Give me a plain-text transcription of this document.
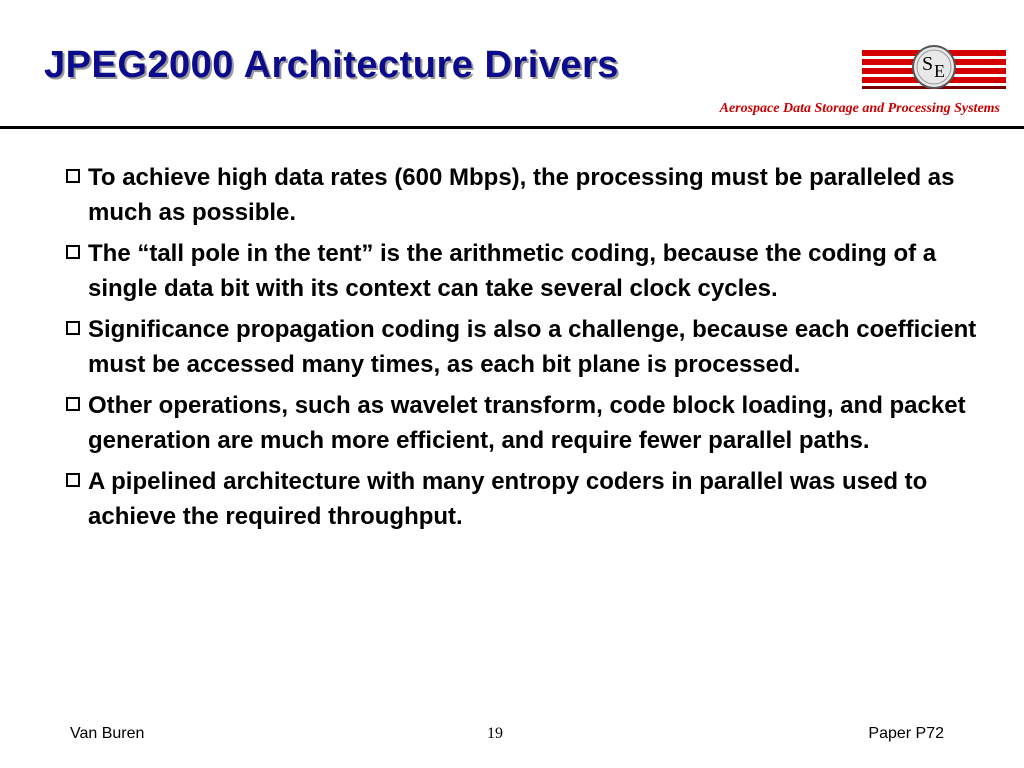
JPEG2000 Architecture Drivers	S E
Aerospace Data Storage and Processing Systems
To achieve high data rates (600 Mbps), the processing must be paralleled as much as possible.
The “tall pole in the tent” is the arithmetic coding, because the coding of a single data bit with its context can take several clock cycles.
Significance propagation coding is also a challenge, because each coefficient must be accessed many times, as each bit plane is processed.
Other operations, such as wavelet transform, code block loading, and packet generation are much more efficient, and require fewer parallel paths.
A pipelined architecture with many entropy coders in parallel was used to achieve the required throughput.
Van Buren	19	Paper P72
